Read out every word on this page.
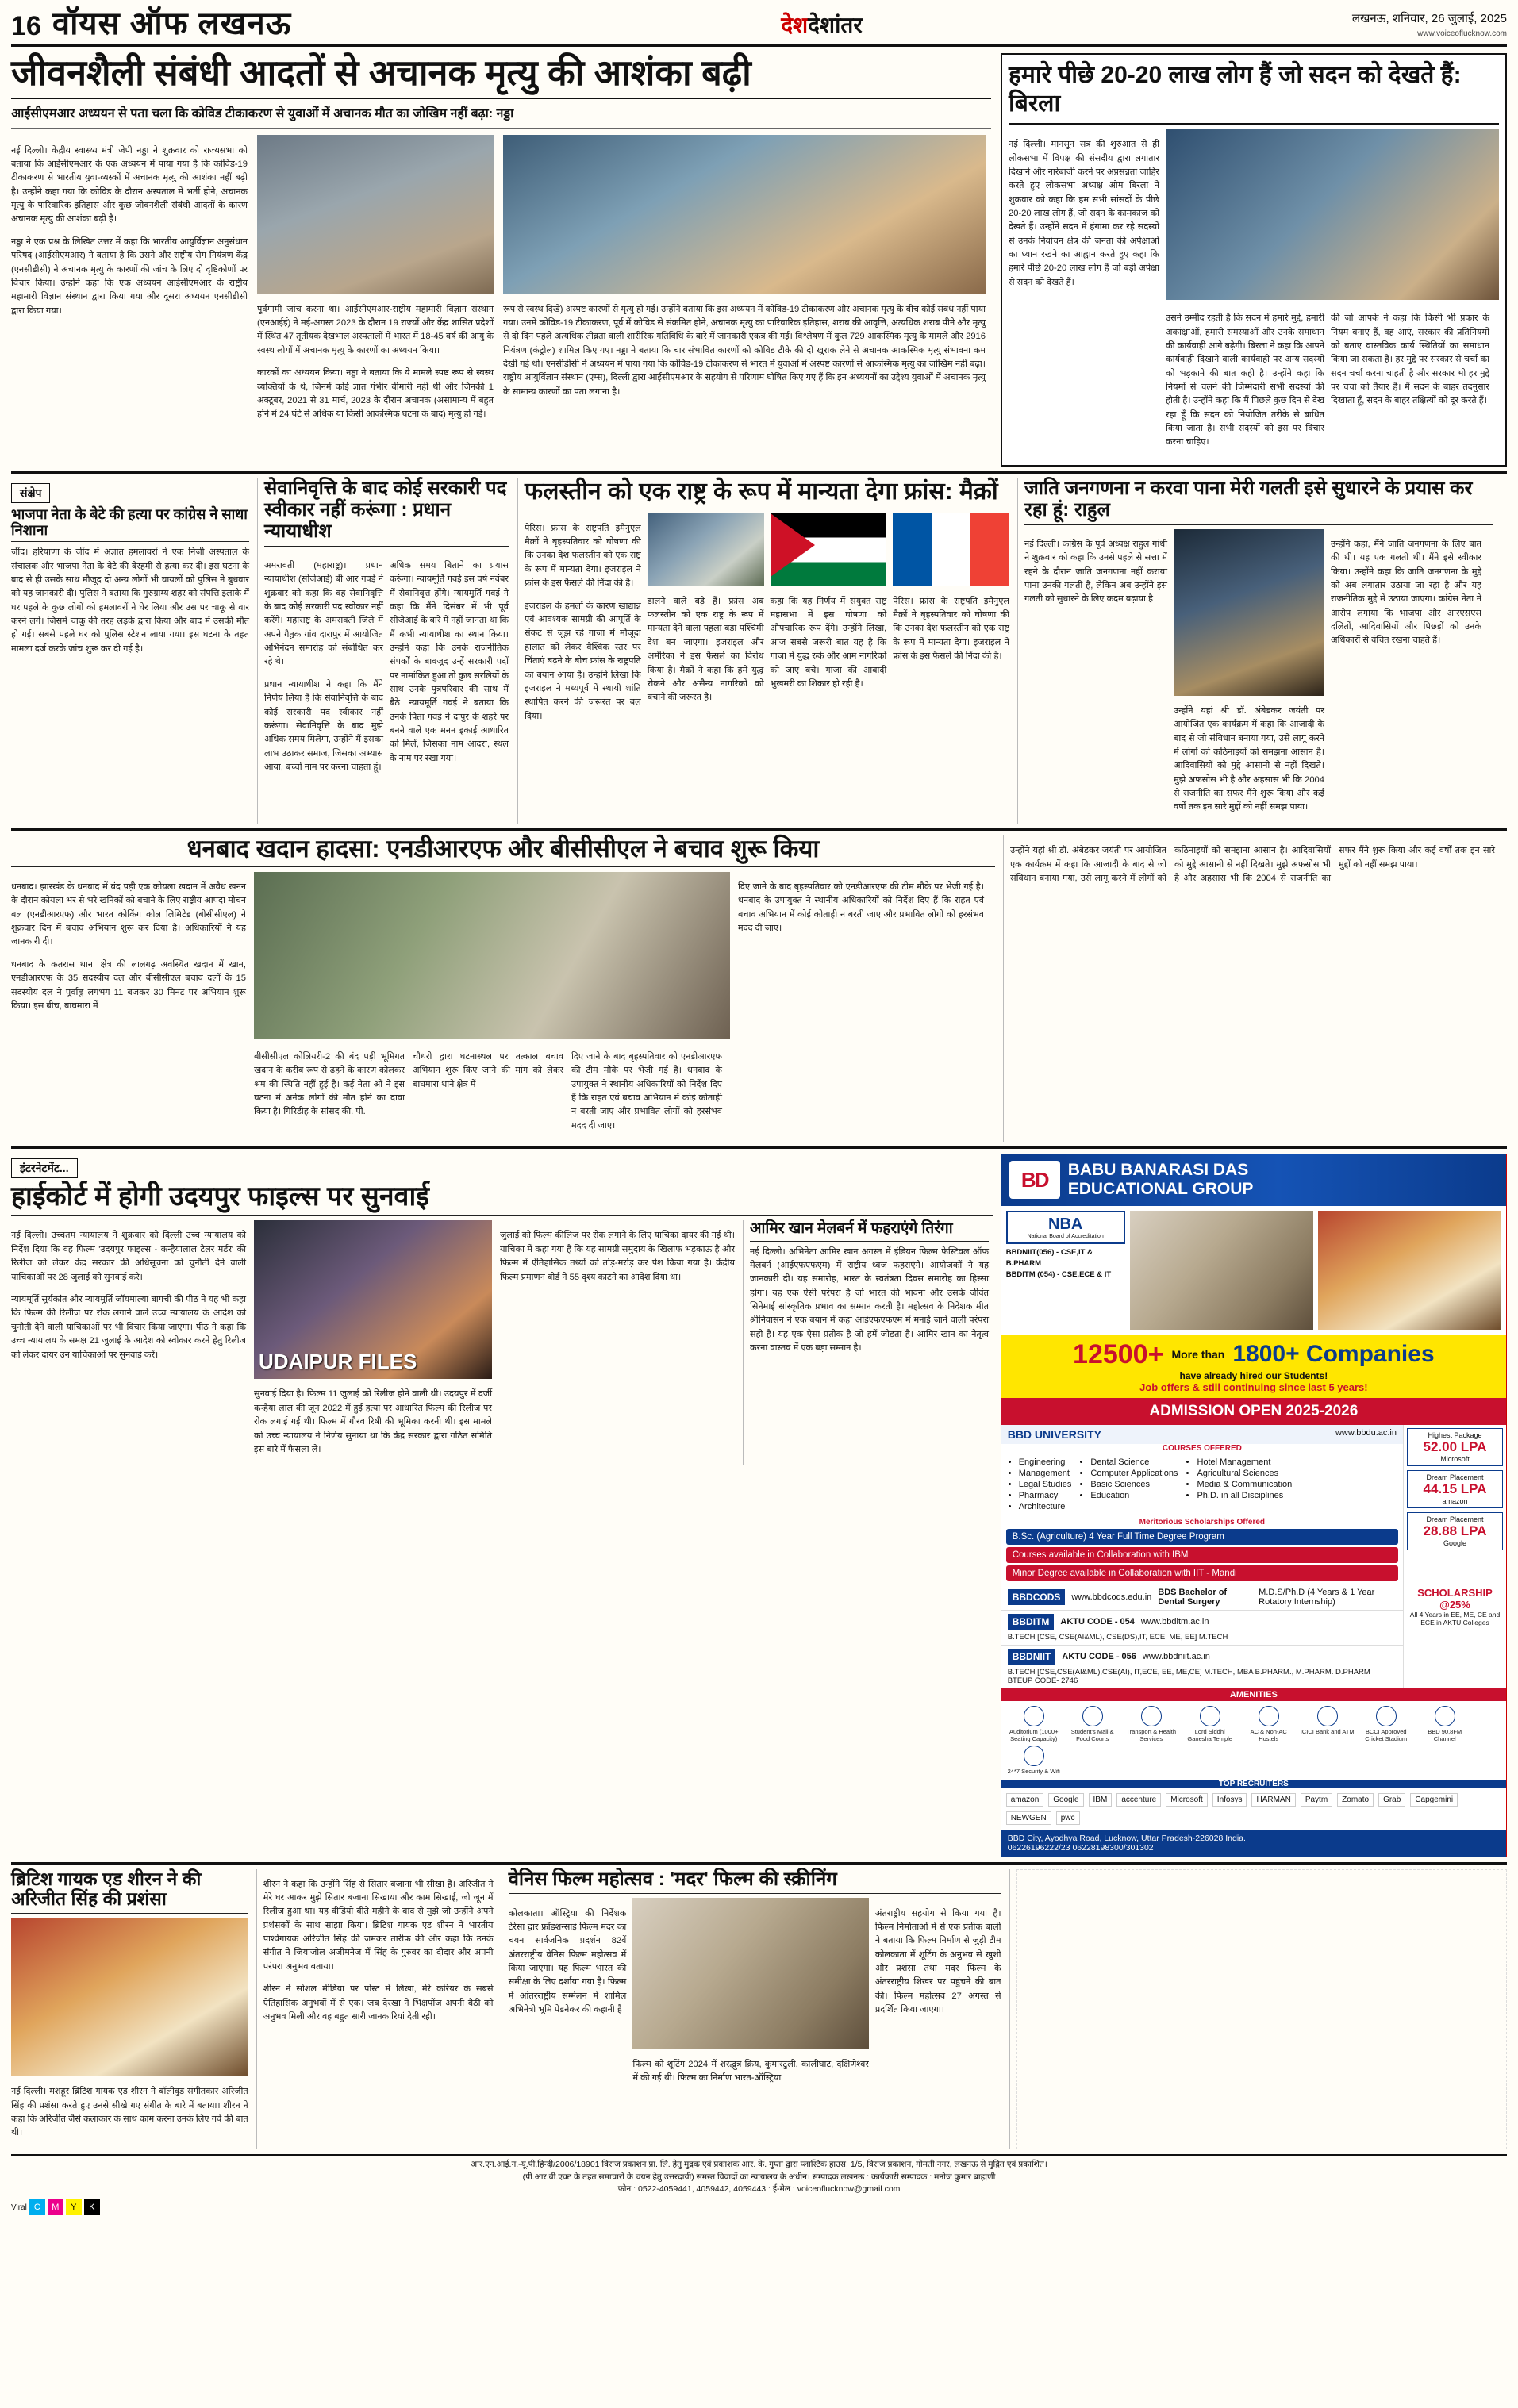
16 वॉयस ऑफ लखनऊ	देशदेशांतर	लखनऊ, शनिवार, 26 जुलाई, 2025
www.voiceoflucknow.com
जीवनशैली संबंधी आदतों से अचानक मृत्यु की आशंका बढ़ी
आईसीएमआर अध्ययन से पता चला कि कोविड टीकाकरण से युवाओं में अचानक मौत का जोखिम नहीं बढ़ा: नड्डा

नई दिल्ली। केंद्रीय स्वास्थ्य मंत्री जेपी नड्डा ने शुक्रवार को राज्यसभा को बताया कि आईसीएमआर के एक अध्ययन में पाया गया है कि कोविड-19 टीकाकरण से भारतीय युवा-व्यस्कों में अचानक मृत्यु की आशंका नहीं बढ़ी है। उन्होंने कहा गया कि कोविड के दौरान अस्पताल में भर्ती होने, अचानक मृत्यु के पारिवारिक इतिहास और कुछ जीवनशैली संबंधी आदतों के कारण अचानक मृत्यु की आशंका बढ़ी है।

नड्डा ने एक प्रश्न के लिखित उत्तर में कहा कि भारतीय आयुर्विज्ञान अनुसंधान परिषद (आईसीएमआर) ने बताया है कि उसने और राष्ट्रीय रोग नियंत्रण केंद्र (एनसीडीसी) ने अचानक मृत्यु के कारणों की जांच के लिए दो दृष्टिकोणों पर विचार किया। उन्होंने कहा कि एक अध्ययन आईसीएमआर के राष्ट्रीय महामारी विज्ञान संस्थान द्वारा किया गया और दूसरा अध्ययन एनसीडीसी द्वारा किया गया।	पूर्वगामी जांच करना था। आईसीएमआर-राष्ट्रीय महामारी विज्ञान संस्थान (एनआईई) ने मई-अगस्त 2023 के दौरान 19 राज्यों और केंद्र शासित प्रदेशों में स्थित 47 तृतीयक देखभाल अस्पतालों में भारत में 18-45 वर्ष की आयु के स्वस्थ लोगों में अचानक मृत्यु के कारणों का अध्ययन किया।

कारकों का अध्ययन किया। नड्डा ने बताया कि ये मामले स्पष्ट रूप से स्वस्थ व्यक्तियों के थे, जिनमें कोई ज्ञात गंभीर बीमारी नहीं थी और जिनकी 1 अक्टूबर, 2021 से 31 मार्च, 2023 के दौरान अचानक (असामान्य में बहुत होने में 24 घंटे से अधिक या किसी आकस्मिक घटना के बाद) मृत्यु हो गई।

रूप से स्वस्थ दिखे) अस्पष्ट कारणों से मृत्यु हो गई। उन्होंने बताया कि इस अध्ययन में कोविड-19 टीकाकरण और अचानक मृत्यु के बीच कोई संबंध नहीं पाया गया। उनमें कोविड-19 टीकाकरण, पूर्व में कोविड से संक्रमित होने, अचानक मृत्यु का पारिवारिक इतिहास, शराब की आवृत्ति, अत्यधिक शराब पीने और मृत्यु से दो दिन पहले अत्यधिक तीव्रता वाली शारीरिक गतिविधि के बारे में जानकारी एकत्र की गई। विश्लेषण में कुल 729 आकस्मिक मृत्यु के मामले और 2916 नियंत्रण (कंट्रोल) शामिल किए गए। नड्डा ने बताया कि चार संभावित कारणों को कोविड टीके की दो खुराक लेने से अचानक आकस्मिक मृत्यु संभावना कम देखी गई थी। एनसीडीसी ने अध्ययन में पाया गया कि कोविड-19 टीकाकरण से भारत में युवाओं में अस्पष्ट कारणों से आकस्मिक मृत्यु का जोखिम नहीं बढ़ा। राष्ट्रीय आयुर्विज्ञान संस्थान (एम्स), दिल्ली द्वारा आईसीएमआर के सहयोग से परिणाम घोषित किए गए हैं कि इन अध्ययनों का उद्देश्य युवाओं में अचानक मृत्यु के सामान्य कारणों का पता लगाना है।

हमारे पीछे 20-20 लाख लोग हैं जो सदन को देखते हैं: बिरला

नई दिल्ली। मानसून सत्र की शुरुआत से ही लोकसभा में विपक्ष की संसदीय द्वारा लगातार दिखाने और नारेबाजी करने पर अप्रसन्नता जाहिर करते हुए लोकसभा अध्यक्ष ओम बिरला ने शुक्रवार को कहा कि हम सभी सांसदों के पीछे 20-20 लाख लोग हैं, जो सदन के कामकाज को देखते हैं। उन्होंने सदन में हंगामा कर रहे सदस्यों से उनके निर्वाचन क्षेत्र की जनता की अपेक्षाओं का ध्यान रखने का आह्वान करते हुए कहा कि हमारे पीछे 20-20 लाख लोग हैं जो बड़ी अपेक्षा से सदन को देखते हैं।

उसने उम्मीद रहती है कि सदन में हमारे मुद्दे, हमारी अकांक्षाओं, हमारी समस्याओं और उनके समाधान की कार्यवाही आगे बढ़ेगी। बिरला ने कहा कि आपने कार्यवाही दिखाने वाली कार्यवाही पर अन्य सदस्यों को भड़काने की बात कही है। उन्होंने कहा कि नियमों से चलने की जिम्मेदारी सभी सदस्यों की होती है। उन्होंने कहा कि मैं पिछले कुछ दिन से देख रहा हूँ कि सदन को नियोजित तरीके से बाधित किया जाता है। सभी सदस्यों को इस पर विचार करना चाहिए।

की जो आपके ने कहा कि किसी भी प्रकार के नियम बनाए हैं, वह आएं, सरकार की प्रतिनियमों को बताए वास्तविक कार्य स्थितियों का समाधान किया जा सकता है। हर मुद्दे पर सरकार से चर्चा का सदन चर्चा करना चाहती है और सरकार भी हर मुद्दे पर चर्चा को तैयार है। मैं सदन के बाहर तदनुसार दिखाता हूँ, सदन के बाहर तक्षित्यों को दूर करते हैं।

संक्षेप
भाजपा नेता के बेटे की हत्या पर कांग्रेस ने साधा निशाना

जींद। हरियाणा के जींद में अज्ञात हमलावरों ने एक निजी अस्पताल के संचालक और भाजपा नेता के बेटे की बेरहमी से हत्या कर दी। इस घटना के बाद से ही उसके साथ मौजूद दो अन्य लोगों भी घायलों को पुलिस ने बुधवार को यह जानकारी दी। पुलिस ने बताया कि गुरुग्राम्य शहर को संपत्ति इलाके में घर पहले के कुछ लोगों को हमलावरों ने घेर लिया और उस पर चाकू से वार करने लगे। जिसमें चाकू की तरह लड़के द्वारा किया और बाद में उसकी मौत हो गई। सबसे पहले घर को पुलिस स्टेशन लाया गया। इस घटना के तहत मामला दर्ज करके जांच शुरू कर दी गई है।

सेवानिवृत्ति के बाद कोई सरकारी पद स्वीकार नहीं करूंगा : प्रधान न्यायाधीश

अमरावती (महाराष्ट्र)। प्रधान न्यायाधीश (सीजेआई) बी आर गवई ने शुक्रवार को कहा कि वह सेवानिवृत्ति के बाद कोई सरकारी पद स्वीकार नहीं करेंगे। महाराष्ट्र के अमरावती जिले में अपने गैतुक गांव दारापुर में आयोजित अभिनंदन समारोह को संबोधित कर रहे थे।

प्रधान न्यायाधीश ने कहा कि मैंने निर्णय लिया है कि सेवानिवृत्ति के बाद कोई सरकारी पद स्वीकार नहीं करूंगा। सेवानिवृत्ति के बाद मुझे अधिक समय मिलेगा, उन्होंने मैं इसका लाभ उठाकर समाज, जिसका अभ्यास आया, बच्चों नाम पर करना चाहता हूं।

अधिक समय बिताने का प्रयास करूंगा। न्यायमूर्ति गवई इस वर्ष नवंबर में सेवानिवृत्त होंगे। न्यायमूर्ति गवई ने कहा कि मैंने दिसंबर में भी पूर्व सीजेआई के बारे में नहीं जानता था कि मैं कभी न्यायाधीश का स्थान किया। उन्होंने कहा कि उनके राजनीतिक संपर्कों के बावजूद उन्हें सरकारी पदों पर नामांकित हुआ तो कुछ सरलियों के साथ उनके पुत्रपरिवार की साथ में बैठे। न्यायमूर्ति गवई ने बताया कि उनके पिता गवई ने दापुर के शहरे पर बनने वाले एक मनन इकाई आधारित को मिलें, जिसका नाम आदरा, स्थल के नाम पर रखा गया।

फलस्तीन को एक राष्ट्र के रूप में मान्यता देगा फ्रांस: मैक्रों

पेरिस। फ्रांस के राष्ट्रपति इमैनुएल मैक्रों ने बृहस्पतिवार को घोषणा की कि उनका देश फलस्तीन को एक राष्ट्र के रूप में मान्यता देगा। इजराइल ने फ्रांस के इस फैसले की निंदा की है।

इजराइल के हमलों के कारण खाद्यान्न एवं आवश्यक सामग्री की आपूर्ति के संकट से जूझ रहे गाजा में मौजूदा हालात को लेकर वैश्विक स्तर पर चिंताएं बढ़ने के बीच फ्रांस के राष्ट्रपति का बयान आया है। उन्होंने लिखा कि इजराइल ने मध्यपूर्व में स्थायी शांति स्थापित करने की जरूरत पर बल दिया।

डालने वाले बड़े हैं। फ्रांस अब फलस्तीन को एक राष्ट्र के रूप में मान्यता देने वाला पहला बड़ा पश्चिमी देश बन जाएगा। इजराइल और अमेरिका ने इस फैसले का विरोध किया है। मैक्रों ने कहा कि हमें युद्ध रोकने और असैन्य नागरिकों को बचाने की जरूरत है।

कहा कि यह निर्णय में संयुक्त राष्ट्र महासभा में इस घोषणा को औपचारिक रूप देंगे। उन्होंने लिखा, आज सबसे जरूरी बात यह है कि गाजा में युद्ध रुके और आम नागरिकों को जाए बचे। गाजा की आबादी भुखमरी का शिकार हो रही है।

पेरिस। फ्रांस के राष्ट्रपति इमैनुएल मैक्रों ने बृहस्पतिवार को घोषणा की कि उनका देश फलस्तीन को एक राष्ट्र के रूप में मान्यता देगा। इजराइल ने फ्रांस के इस फैसले की निंदा की है।

जाति जनगणना न करवा पाना मेरी गलती इसे सुधारने के प्रयास कर रहा हूं: राहुल

नई दिल्ली। कांग्रेस के पूर्व अध्यक्ष राहुल गांधी ने शुक्रवार को कहा कि उनसे पहले से सत्ता में रहने के दौरान जाति जनगणना नहीं कराया पाना उनकी गलती है, लेकिन अब उन्होंने इस गलती को सुधारने के लिए कदम बढ़ाया है।

उन्होंने यहां श्री डॉ. अंबेडकर जयंती पर आयोजित एक कार्यक्रम में कहा कि आजादी के बाद से जो संविधान बनाया गया, उसे लागू करने में लोगों को कठिनाइयों को समझना आसान है। आदिवासियों को मुद्दे आसानी से नहीं दिखते। मुझे अफसोस भी है और अहसास भी कि 2004 से राजनीति का सफर मैंने शुरू किया और कई वर्षों तक इन सारे मुद्दों को नहीं समझ पाया।

उन्होंने कहा, मैंने जाति जनगणना के लिए बात की थी। यह एक गलती थी। मैंने इसे स्वीकार किया। उन्होंने कहा कि जाति जनगणना के मुद्दे को अब लगातार उठाया जा रहा है और यह राजनीतिक मुद्दे में उठाया जाएगा। कांग्रेस नेता ने आरोप लगाया कि भाजपा और आरएसएस दलितों, आदिवासियों और पिछड़ों को उनके अधिकारों से वंचित रखना चाहते हैं।

धनबाद खदान हादसा: एनडीआरएफ और बीसीसीएल ने बचाव शुरू किया

धनबाद। झारखंड के धनबाद में बंद पड़ी एक कोयला खदान में अवैध खनन के दौरान कोयला भर से भरे खनिकों को बचाने के लिए राष्ट्रीय आपदा मोचन बल (एनडीआरएफ) और भारत कोकिंग कोल लिमिटेड (बीसीसीएल) ने शुक्रवार दिन में बचाव अभियान शुरू कर दिया है। अधिकारियों ने यह जानकारी दी।

धनबाद के कतरास थाना क्षेत्र की लालगढ़ अवस्थित खदान में खान, एनडीआरएफ के 35 सदस्यीय दल और बीसीसीएल बचाव दलों के 15 सदस्यीय दल ने पूर्वाह्न लगभग 11 बजकर 30 मिनट पर अभियान शुरू किया। इस बीच, बाघमारा में

बीसीसीएल कोलियरी-2 की बंद पड़ी भूमिगत खदान के करीब रूप से ढहने के कारण कोलकर श्रम की स्थिति नहीं हुई है। कई नेता ओं ने इस घटना में अनेक लोगों की मौत होने का दावा किया है। गिरिडीह के सांसद की. पी.

चौधरी द्वारा घटनास्थल पर तत्काल बचाव अभियान शुरू किए जाने की मांग को लेकर बाघमारा थाने क्षेत्र में

दिए जाने के बाद बृहस्पतिवार को एनडीआरएफ की टीम मौके पर भेजी गई है। धनबाद के उपायुक्त ने स्थानीय अधिकारियों को निर्देश दिए हैं कि राहत एवं बचाव अभियान में कोई कोताही न बरती जाए और प्रभावित लोगों को हरसंभव मदद दी जाए।

दिए जाने के बाद बृहस्पतिवार को एनडीआरएफ की टीम मौके पर भेजी गई है। धनबाद के उपायुक्त ने स्थानीय अधिकारियों को निर्देश दिए हैं कि राहत एवं बचाव अभियान में कोई कोताही न बरती जाए और प्रभावित लोगों को हरसंभव मदद दी जाए।

उन्होंने यहां श्री डॉ. अंबेडकर जयंती पर आयोजित एक कार्यक्रम में कहा कि आजादी के बाद से जो संविधान बनाया गया, उसे लागू करने में लोगों को कठिनाइयों को समझना आसान है। आदिवासियों को मुद्दे आसानी से नहीं दिखते। मुझे अफसोस भी है और अहसास भी कि 2004 से राजनीति का सफर मैंने शुरू किया और कई वर्षों तक इन सारे मुद्दों को नहीं समझ पाया।

इंटरनेटमेंट...
हाईकोर्ट में होगी उदयपुर फाइल्स पर सुनवाई

नई दिल्ली। उच्चतम न्यायालय ने शुक्रवार को दिल्ली उच्च न्यायालय को निर्देश दिया कि वह फिल्म 'उदयपुर फाइल्स - कन्हैयालाल टेलर मर्डर' की रिलीज को लेकर केंद्र सरकार की अधिसूचना को चुनौती देने वाली याचिकाओं पर 28 जुलाई को सुनवाई करे।

न्यायमूर्ति सूर्यकांत और न्यायमूर्ति जॉयमाल्या बागची की पीठ ने यह भी कहा कि फिल्म की रिलीज पर रोक लगाने वाले उच्च न्यायालय के आदेश को चुनौती देने वाली याचिकाओं पर भी विचार किया जाएगा। पीठ ने कहा कि उच्च न्यायालय के समक्ष 21 जुलाई के आदेश को स्वीकार करने हेतु रिलीज को लेकर दायर उन याचिकाओं पर सुनवाई करें।	UDAIPUR FILES

सुनवाई दिया है। फिल्म 11 जुलाई को रिलीज होने वाली थी। उदयपुर में दर्जी कन्हैया लाल की जून 2022 में हुई हत्या पर आधारित फिल्म की रिलीज पर रोक लगाई गई थी। फिल्म में गौरव रिषी की भूमिका करनी थी। इस मामले को उच्च न्यायालय ने निर्णय सुनाया था कि केंद्र सरकार द्वारा गठित समिति इस बारे में फैसला ले।

जुलाई को फिल्म कीलिज पर रोक लगाने के लिए याचिका दायर की गई थी। याचिका में कहा गया है कि यह सामग्री समुदाय के खिलाफ भड़काऊ है और फिल्म में ऐतिहासिक तथ्यों को तोड़-मरोड़ कर पेश किया गया है। केंद्रीय फिल्म प्रमाणन बोर्ड ने 55 दृश्य काटने का आदेश दिया था।

आमिर खान मेलबर्न में फहराएंगे तिरंगा

नई दिल्ली। अभिनेता आमिर खान अगस्त में इंडियन फिल्म फेस्टिवल ऑफ मेलबर्न (आईएफएफएम) में राष्ट्रीय ध्वज फहराएंगे। आयोजकों ने यह जानकारी दी। यह समारोह, भारत के स्वतंत्रता दिवस समारोह का हिस्सा होगा। यह एक ऐसी परंपरा है जो भारत की भावना और उसके जीवंत सिनेमाई सांस्कृतिक प्रभाव का सम्मान करती है। महोत्सव के निदेशक मीत श्रीनिवासन ने एक बयान में कहा आईएफएफएम में मनाई जाने वाली परंपरा सही है। यह एक ऐसा प्रतीक है जो हमें जोड़ता है। आमिर खान का नेतृत्व करना वास्तव में एक बड़ा सम्मान है।

BD	BABU BANARASI DAS
EDUCATIONAL GROUP
NBA
National Board of Accreditation
BBDNIIT(056) - CSE,IT & B.PHARM
BBDITM (054) - CSE,ECE & IT
12500+ More than 1800+ Companies
have already hired our Students!
Job offers & still continuing since last 5 years!
ADMISSION OPEN 2025-2026
BBD UNIVERSITY	www.bbdu.ac.in
COURSES OFFERED
• Engineering
• Management
• Legal Studies
• Pharmacy
• Architecture
• Dental Science
• Computer Applications
• Basic Sciences
• Education
• Hotel Management
• Agricultural Sciences
• Media & Communication
• Ph.D. in all Disciplines
Meritorious Scholarships Offered
B.Sc. (Agriculture) 4 Year Full Time Degree Program
Courses available in Collaboration with IBM
Minor Degree available in Collaboration with IIT - Mandi
Highest Package
52.00 LPA
Microsoft
Dream Placement
44.15 LPA
amazon
Dream Placement
28.88 LPA
Google
BBDCODS	www.bbdcods.edu.in BDS Bachelor of Dental Surgery
M.D.S/Ph.D (4 Years & 1 Year Rotatory Internship)
BBDITM	AKTU CODE - 054 www.bbditm.ac.in
B.TECH [CSE, CSE(AI&ML), CSE(DS),IT, ECE, ME, EE] M.TECH
BBDNIIT	AKTU CODE - 056 www.bbdniit.ac.in
B.TECH [CSE,CSE(AI&ML),CSE(AI), IT,ECE, EE, ME,CE] M.TECH, MBA B.PHARM., M.PHARM. D.PHARM BTEUP CODE- 2746
SCHOLARSHIP @25%
All 4 Years in EE, ME, CE and ECE in AKTU Colleges
AMENITIES
Auditorium (1000+ Seating Capacity)
Student's Mall & Food Courts
Transport & Health Services
Lord Siddhi Ganesha Temple
AC & Non-AC Hostels
ICICI Bank and ATM	BCCI Approved Cricket Stadium
BBD 90.8FM Channel
24*7 Security & Wifi
TOP RECRUITERS
amazon	Google	IBM	accenture	Microsoft	Infosys	HARMAN	Paytm	Zomato	Grab	Capgemini
NEWGEN	pwc
BBD City, Ayodhya Road, Lucknow, Uttar Pradesh-226028 India.
06226196222/23 06228198300/301302
ब्रिटिश गायक एड शीरन ने की अरिजीत सिंह की प्रशंसा

नई दिल्ली। मशहूर ब्रिटिश गायक एड शीरन ने बॉलीवुड संगीतकार अरिजीत सिंह की प्रशंसा करते हुए उनसे सीखे गए संगीत के बारे में बताया। शीरन ने कहा कि अरिजीत जैसे कलाकार के साथ काम करना उनके लिए गर्व की बात थी।

शीरन ने कहा कि उन्होंने सिंह से सितार बजाना भी सीखा है। अरिजीत ने मेरे घर आकर मुझे सितार बजाना सिखाया और काम सिखाई, जो जून में रिलीज हुआ था। यह वीडियो बीते महीने के बाद से मुझे जो उन्होंने अपने प्रशंसकों के साथ साझा किया। ब्रिटिश गायक एड शीरन ने भारतीय पार्श्वगायक अरिजीत सिंह की जमकर तारीफ की और कहा कि उनके संगीत ने जियाजोल अजीमनेज में सिंह के गुरुवर का दीदार और अपनी परंपरा अनुभव बताया।

शीरन ने सोशल मीडिया पर पोस्ट में लिखा, मेरे करियर के सबसे ऐतिहासिक अनुभवों में से एक। जब देरखा ने भिक्षपोंज अपनी बैठी को अनुभव मिली और वह बहुत सारी जानकारियां देती रही।

वेनिस फिल्म महोत्सव : 'मदर' फिल्म की स्क्रीनिंग

कोलकाता। ऑस्ट्रिया की निर्देशक टेरेसा द्वार फ्रॉडशन्साई फिल्म मदर का चयन सार्वजनिक प्रदर्शन 82वें अंतरराष्ट्रीय वेनिस फिल्म महोत्सव में किया जाएगा। यह फिल्म भारत की समीक्षा के लिए दर्शाया गया है। फिल्म में आंतरराष्ट्रीय सम्मेलन में शामिल अभिनेत्री भूमि पेडनेकर की कहानी है।

फिल्म को शूटिंग 2024 में शरद्भुत्र क्रिय, कुमारटुली, कालीघाट, दक्षिणेश्वर में की गई थी। फिल्म का निर्माण भारत-ऑस्ट्रिया

अंतराष्ट्रीय सहयोग से किया गया है। फिल्म निर्माताओं में से एक प्रतीक बाली ने बताया कि फिल्म निर्माण से जुड़ी टीम कोलकाता में शूटिंग के अनुभव से खुशी और प्रशंसा तथा मदर फिल्म के अंतरराष्ट्रीय शिखर पर पहुंचने की बात की। फिल्म महोत्सव 27 अगस्त से प्रदर्शित किया जाएगा।

आर.एन.आई.न.-यू.पी.हिन्दी/2006/18901 विराज प्रकाशन प्रा. लि. हेतु मुद्रक एवं प्रकाशक आर. के. गुप्ता द्वारा प्लास्टिक हाउस, 1/5, विराज प्रकाशन, गोमती नगर, लखनऊ से मुद्रित एवं प्रकाशित।
(पी.आर.बी.एक्ट के तहत समाचारों के चयन हेतु उत्तरदायी) समस्त विवादों का न्यायालय के अधीन। सम्पादक लखनऊ : कार्यकारी सम्पादक : मनोज कुमार ब्राह्मणी
फोन : 0522-4059441, 4059442, 4059443 : ई-मेल : voiceoflucknow@gmail.com
Viral C	M	Y	K
